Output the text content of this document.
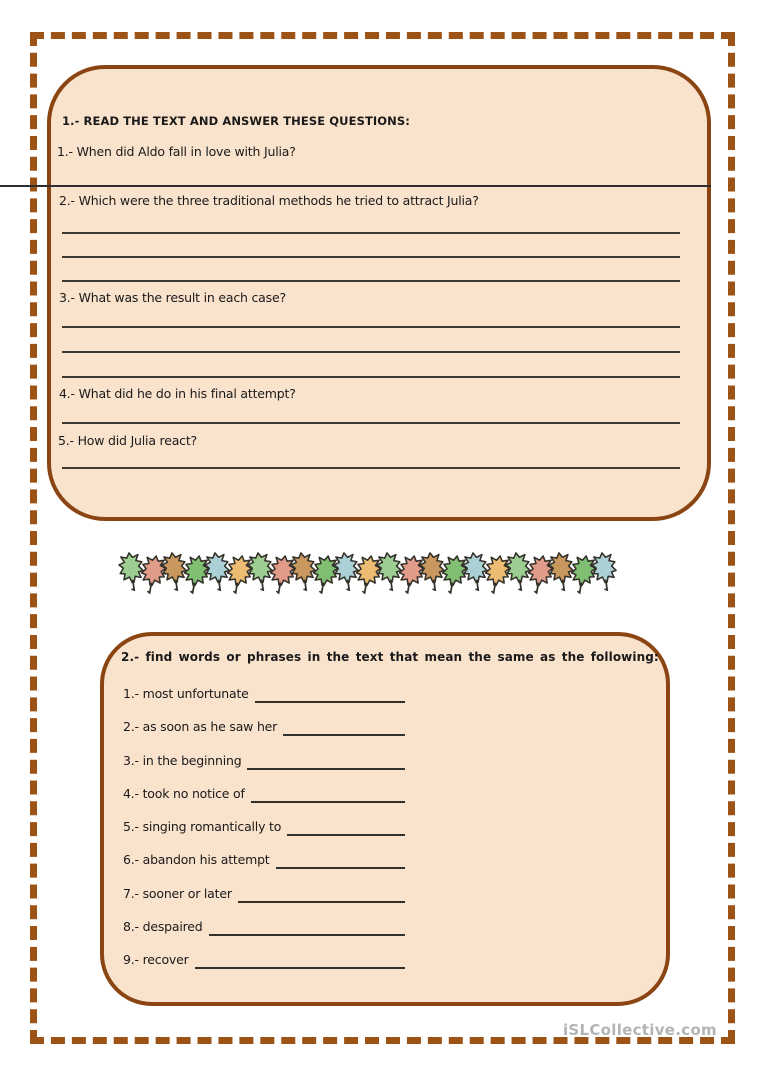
1.- READ THE TEXT AND ANSWER THESE QUESTIONS:
1.- When did Aldo fall in love with Julia?
2.- Which were the three traditional methods he tried to attract Julia?
3.- What was the result in each case?
4.- What did he do in his final attempt?
5.- How did Julia react?
2.- find words or phrases in the text that mean the same as the following:
1.- most unfortunate
2.- as soon as he saw her
3.- in the beginning
4.- took no notice of
5.- singing romantically to
6.- abandon his attempt
7.- sooner or later
8.- despaired
9.- recover
iSLCollective.com
